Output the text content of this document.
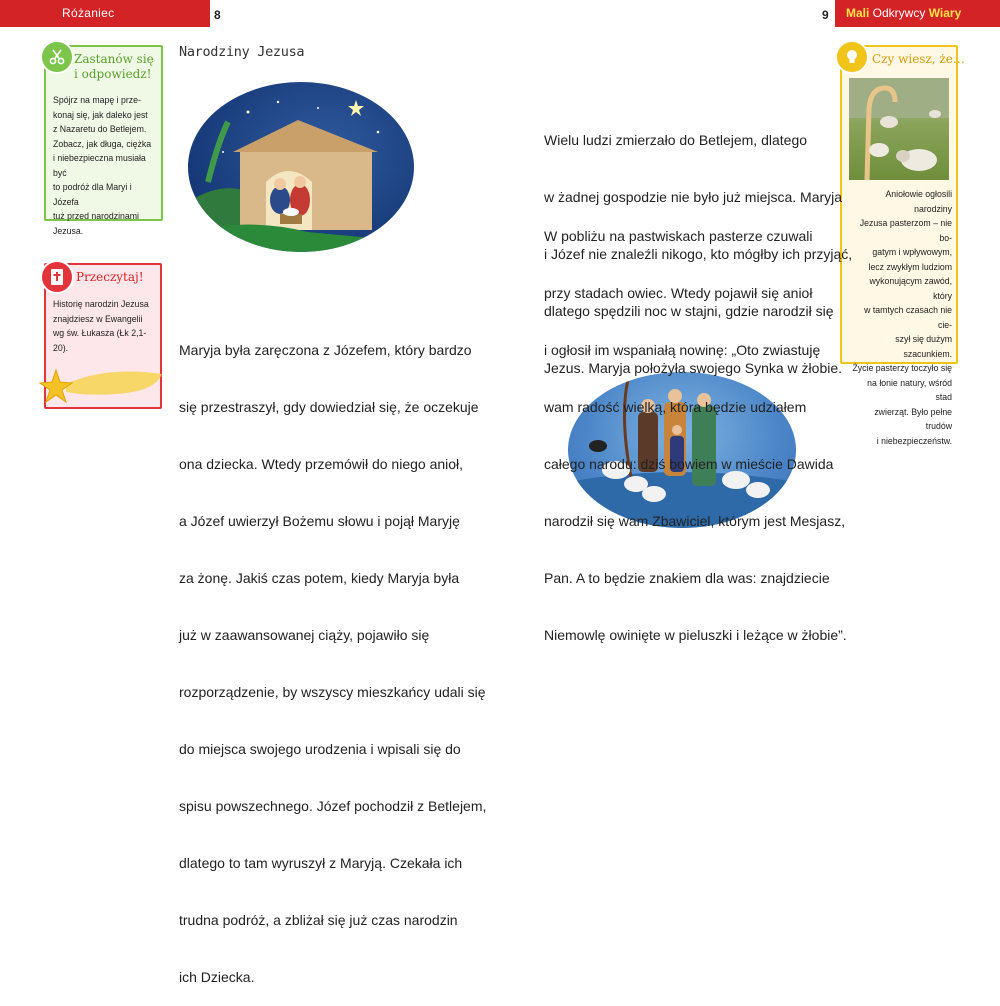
Różaniec	8	9 Mali Odkrywcy Wiary
Zastanów się
i odpowiedz!
Spójrz na mapę i prze-
konaj się, jak daleko jest
z Nazaretu do Betlejem.
Zobacz, jak długa, ciężka
i niebezpieczna musiała być
to podróż dla Maryi i Józefa
tuż przed narodzinami
Jezusa.
Przeczytaj!
Historię narodzin Jezusa
znajdziesz w Ewangelii
wg św. Łukasza (Łk 2,1-20).
Czy wiesz, że…
Aniołowie ogłosili narodziny
Jezusa pasterzom – nie bo-
gatym i wpływowym,
lecz zwykłym ludziom
wykonującym zawód, który
w tamtych czasach nie cie-
szył się dużym szacunkiem.
Życie pasterzy toczyło się
na łonie natury, wśród stad
zwierząt. Było pełne trudów
i niebezpieczeństw.
Narodziny Jezusa

Maryja była zaręczona z Józefem, który bardzo

się przestraszył, gdy dowiedział się, że oczekuje

ona dziecka. Wtedy przemówił do niego anioł,

a Józef uwierzył Bożemu słowu i pojął Maryję

za żonę. Jakiś czas potem, kiedy Maryja była

już w zaawansowanej ciąży, pojawiło się

rozporządzenie, by wszyscy mieszkańcy udali się

do miejsca swojego urodzenia i wpisali się do

spisu powszechnego. Józef pochodził z Betlejem,

dlatego to tam wyruszył z Maryją. Czekała ich

trudna podróż, a zbliżał się już czas narodzin

ich Dziecka.

Wielu ludzi zmierzało do Betlejem, dlatego

w żadnej gospodzie nie było już miejsca. Maryja

i Józef nie znaleźli nikogo, kto mógłby ich przyjąć,

dlatego spędzili noc w stajni, gdzie narodził się

Jezus. Maryja położyła swojego Synka w żłobie.

W pobliżu na pastwiskach pasterze czuwali

przy stadach owiec. Wtedy pojawił się anioł

i ogłosił im wspaniałą nowinę: „Oto zwiastuję

wam radość wielką, która będzie udziałem

całego narodu: dziś bowiem w mieście Dawida

narodził się wam Zbawiciel, którym jest Mesjasz,

Pan. A to będzie znakiem dla was: znajdziecie

Niemowlę owinięte w pieluszki i leżące w żłobie”.
